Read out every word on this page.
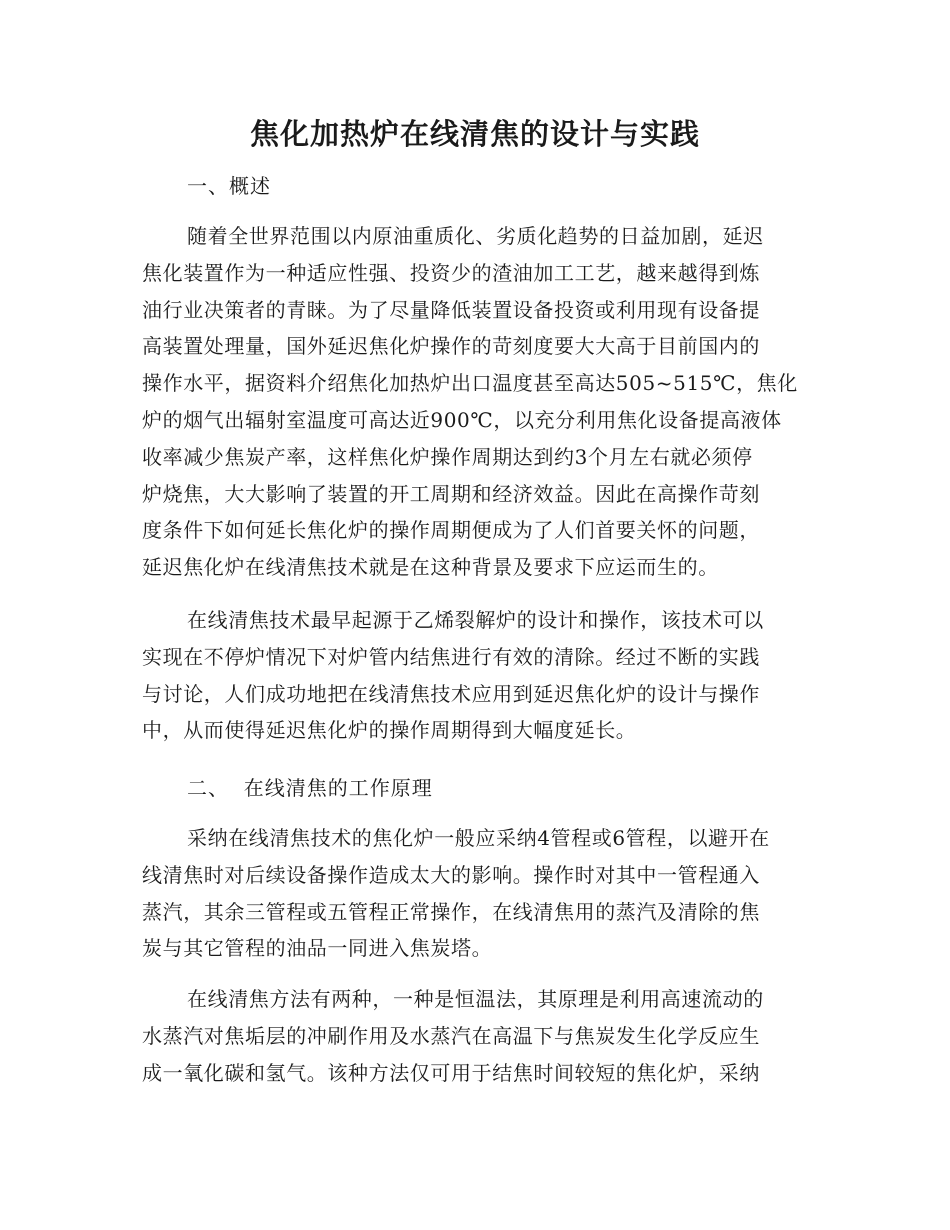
焦化加热炉在线清焦的设计与实践
一、概述
随着全世界范围以内原油重质化、劣质化趋势的日益加剧，延迟
焦化装置作为一种适应性强、投资少的渣油加工工艺，越来越得到炼
油行业决策者的青睐。为了尽量降低装置设备投资或利用现有设备提
高装置处理量，国外延迟焦化炉操作的苛刻度要大大高于目前国内的
操作水平，据资料介绍焦化加热炉出口温度甚至高达505~515℃，焦化
炉的烟气出辐射室温度可高达近900℃，以充分利用焦化设备提高液体
收率减少焦炭产率，这样焦化炉操作周期达到约3个月左右就必须停
炉烧焦，大大影响了装置的开工周期和经济效益。因此在高操作苛刻
度条件下如何延长焦化炉的操作周期便成为了人们首要关怀的问题，
延迟焦化炉在线清焦技术就是在这种背景及要求下应运而生的。
在线清焦技术最早起源于乙烯裂解炉的设计和操作，该技术可以
实现在不停炉情况下对炉管内结焦进行有效的清除。经过不断的实践
与讨论，人们成功地把在线清焦技术应用到延迟焦化炉的设计与操作
中，从而使得延迟焦化炉的操作周期得到大幅度延长。
二、  在线清焦的工作原理
采纳在线清焦技术的焦化炉一般应采纳4管程或6管程，以避开在
线清焦时对后续设备操作造成太大的影响。操作时对其中一管程通入
蒸汽，其余三管程或五管程正常操作，在线清焦用的蒸汽及清除的焦
炭与其它管程的油品一同进入焦炭塔。
在线清焦方法有两种，一种是恒温法，其原理是利用高速流动的
水蒸汽对焦垢层的冲刷作用及水蒸汽在高温下与焦炭发生化学反应生
成一氧化碳和氢气。该种方法仅可用于结焦时间较短的焦化炉，采纳
